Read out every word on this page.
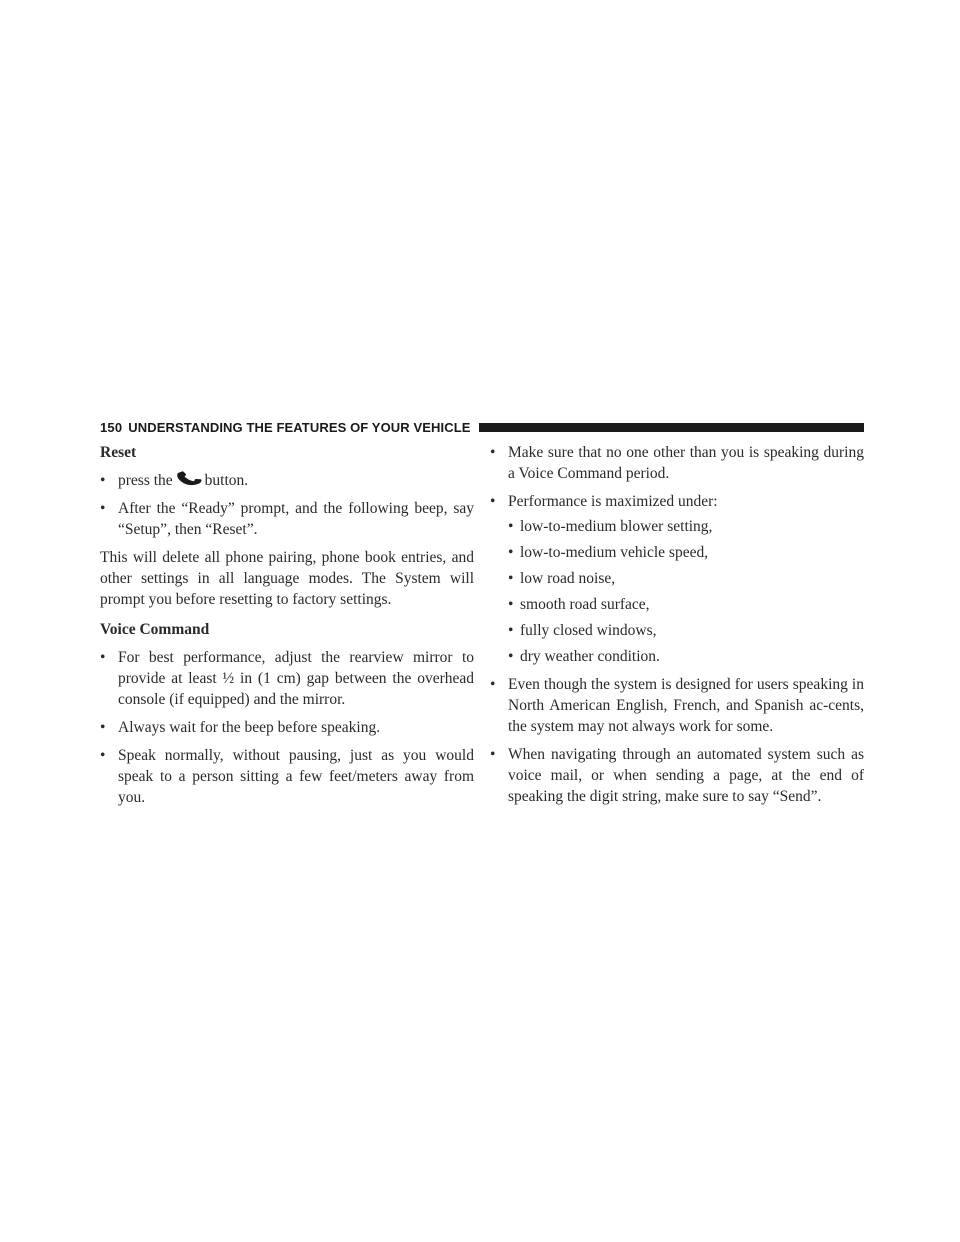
150 UNDERSTANDING THE FEATURES OF YOUR VEHICLE
Reset
• press the button.
• After the “Ready” prompt, and the following beep, say “Setup”, then “Reset”.

This will delete all phone pairing, phone book entries, and other settings in all language modes. The System will prompt you before resetting to factory settings.

Voice Command
• For best performance, adjust the rearview mirror to provide at least ½ in (1 cm) gap between the overhead console (if equipped) and the mirror.
• Always wait for the beep before speaking.
• Speak normally, without pausing, just as you would speak to a person sitting a few feet/meters away from you.
• Make sure that no one other than you is speaking during a Voice Command period.
• Performance is maximized under:
• low-to-medium blower setting,
• low-to-medium vehicle speed,
• low road noise,
• smooth road surface,
• fully closed windows,
• dry weather condition.
• Even though the system is designed for users speaking in North American English, French, and Spanish ac-cents, the system may not always work for some.
• When navigating through an automated system such as voice mail, or when sending a page, at the end of speaking the digit string, make sure to say “Send”.
